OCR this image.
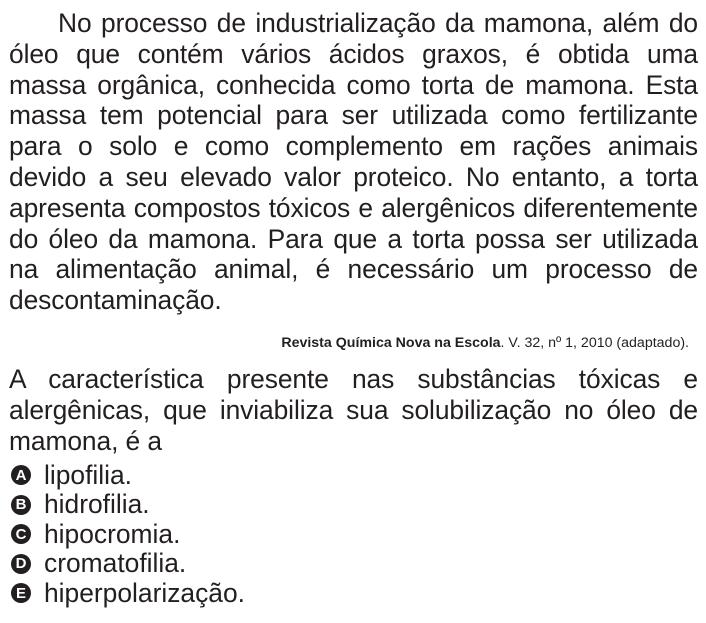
No processo de industrialização da mamona, além do óleo que contém vários ácidos graxos, é obtida uma massa orgânica, conhecida como torta de mamona. Esta massa tem potencial para ser utilizada como fertilizante para o solo e como complemento em rações animais devido a seu elevado valor proteico. No entanto, a torta apresenta compostos tóxicos e alergênicos diferentemente do óleo da mamona. Para que a torta possa ser utilizada na alimentação animal, é necessário um processo de descontaminação.

Revista Química Nova na Escola. V. 32, nº 1, 2010 (adaptado).

A característica presente nas substâncias tóxicas e alergênicas, que inviabiliza sua solubilização no óleo de mamona, é a

A lipofilia.
B hidrofilia.
C hipocromia.
D cromatofilia.
E hiperpolarização.
